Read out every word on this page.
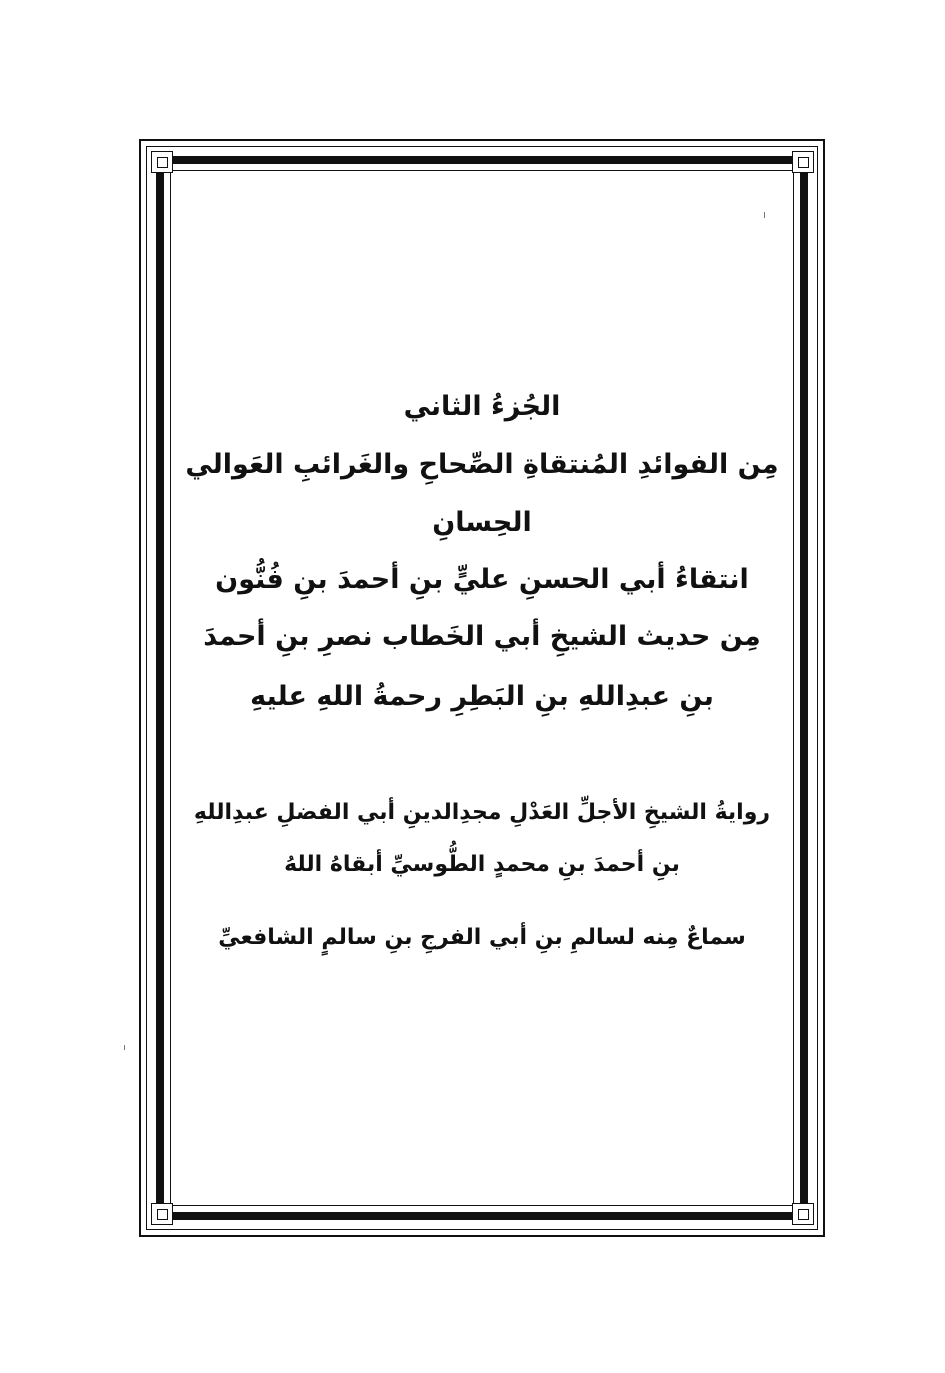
الجُزءُ الثاني
مِن الفوائدِ المُنتقاةِ الصِّحاحِ والغَرائبِ العَوالي
الحِسانِ
انتقاءُ أبي الحسنِ عليٍّ بنِ أحمدَ بنِ فُنُّون
مِن حديث الشيخِ أبي الخَطاب نصرِ بنِ أحمدَ
بنِ عبدِاللهِ بنِ البَطِرِ رحمةُ اللهِ عليهِ
روايةُ الشيخِ الأجلِّ العَدْلِ مجدِالدينِ أبي الفضلِ عبدِاللهِ
بنِ أحمدَ بنِ محمدٍ الطُّوسيِّ أبقاهُ اللهُ
سماعٌ مِنه لسالمِ بنِ أبي الفرجِ بنِ سالمٍ الشافعيِّ
